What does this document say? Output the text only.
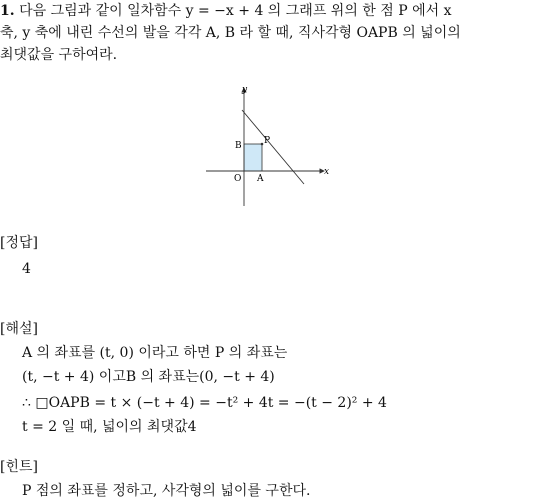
1. 다음 그림과 같이 일차함수 y = −x + 4 의 그래프 위의 한 점 P 에서 x
축, y 축에 내린 수선의 발을 각각 A, B 라 할 때, 직사각형 OAPB 의 넓이의
최댓값을 구하여라.
y
x
P
B
O A
[정답]
4
[해설]
A 의 좌표를 (t, 0) 이라고 하면 P 의 좌표는
(t, −t + 4) 이고B 의 좌표는(0, −t + 4)
∴ □OAPB = t × (−t + 4) = −t² + 4t = −(t − 2)² + 4
t = 2 일 때, 넓이의 최댓값4
[힌트]
P 점의 좌표를 정하고, 사각형의 넓이를 구한다.
